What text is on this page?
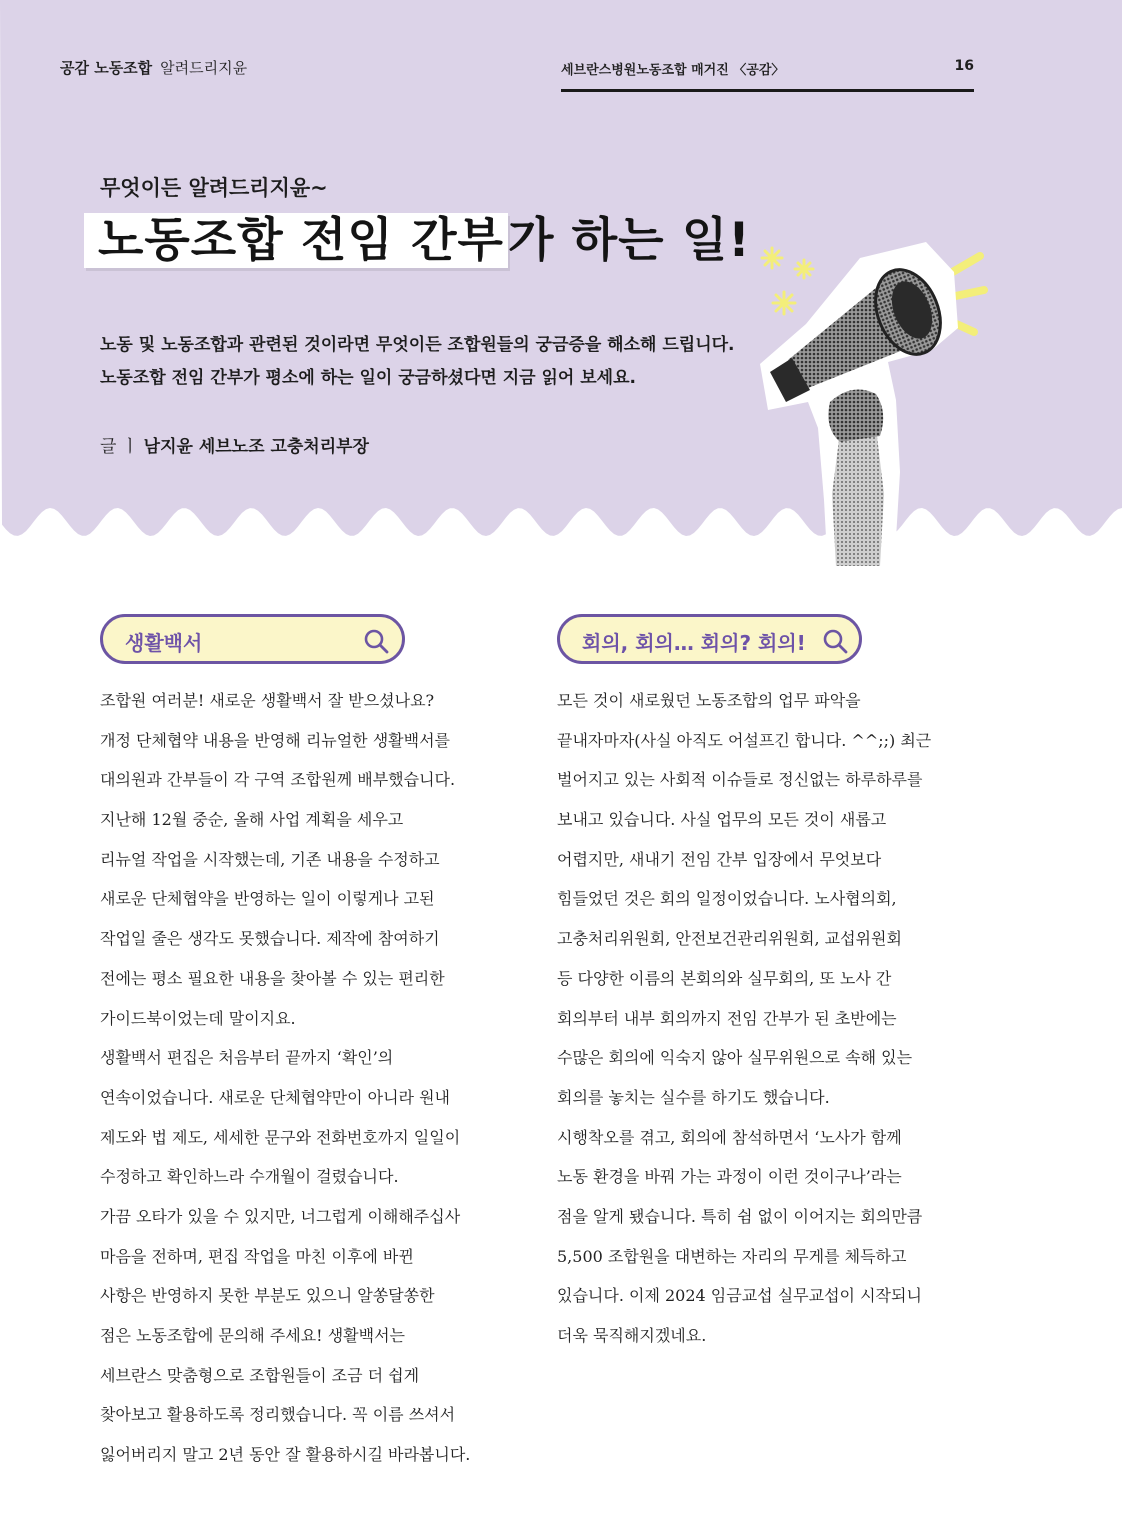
공감 노동조합 알려드리지윤	세브란스병원노동조합 매거진 〈공감〉	16
무엇이든 알려드리지윤~
노동조합 전임 간부가 하는 일!
노동 및 노동조합과 관련된 것이라면 무엇이든 조합원들의 궁금증을 해소해 드립니다.
노동조합 전임 간부가 평소에 하는 일이 궁금하셨다면 지금 읽어 보세요.
글 ㅣ 남지윤 세브노조 고충처리부장
생활백서
조합원 여러분! 새로운 생활백서 잘 받으셨나요?
개정 단체협약 내용을 반영해 리뉴얼한 생활백서를
대의원과 간부들이 각 구역 조합원께 배부했습니다.
지난해 12월 중순, 올해 사업 계획을 세우고
리뉴얼 작업을 시작했는데, 기존 내용을 수정하고
새로운 단체협약을 반영하는 일이 이렇게나 고된
작업일 줄은 생각도 못했습니다. 제작에 참여하기
전에는 평소 필요한 내용을 찾아볼 수 있는 편리한
가이드북이었는데 말이지요.
생활백서 편집은 처음부터 끝까지 ‘확인’의
연속이었습니다. 새로운 단체협약만이 아니라 원내
제도와 법 제도, 세세한 문구와 전화번호까지 일일이
수정하고 확인하느라 수개월이 걸렸습니다.
가끔 오타가 있을 수 있지만, 너그럽게 이해해주십사
마음을 전하며, 편집 작업을 마친 이후에 바뀐
사항은 반영하지 못한 부분도 있으니 알쏭달쏭한
점은 노동조합에 문의해 주세요! 생활백서는
세브란스 맞춤형으로 조합원들이 조금 더 쉽게
찾아보고 활용하도록 정리했습니다. 꼭 이름 쓰셔서
잃어버리지 말고 2년 동안 잘 활용하시길 바라봅니다.
회의, 회의… 회의? 회의!
모든 것이 새로웠던 노동조합의 업무 파악을
끝내자마자(사실 아직도 어설프긴 합니다. ^^;;) 최근
벌어지고 있는 사회적 이슈들로 정신없는 하루하루를
보내고 있습니다. 사실 업무의 모든 것이 새롭고
어렵지만, 새내기 전임 간부 입장에서 무엇보다
힘들었던 것은 회의 일정이었습니다. 노사협의회,
고충처리위원회, 안전보건관리위원회, 교섭위원회
등 다양한 이름의 본회의와 실무회의, 또 노사 간
회의부터 내부 회의까지 전임 간부가 된 초반에는
수많은 회의에 익숙지 않아 실무위원으로 속해 있는
회의를 놓치는 실수를 하기도 했습니다.
시행착오를 겪고, 회의에 참석하면서 ‘노사가 함께
노동 환경을 바꿔 가는 과정이 이런 것이구나’라는
점을 알게 됐습니다. 특히 쉼 없이 이어지는 회의만큼
5,500 조합원을 대변하는 자리의 무게를 체득하고
있습니다. 이제 2024 임금교섭 실무교섭이 시작되니
더욱 묵직해지겠네요.
